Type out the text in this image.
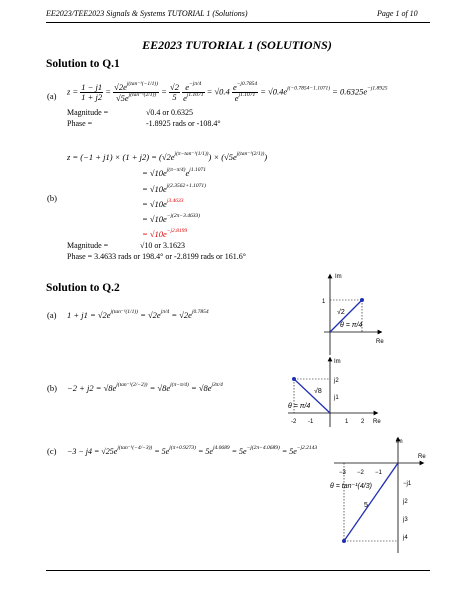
EE2023/TEE2023 Signals & Systems TUTORIAL 1 (Solutions)	Page 1 of 10
EE2023 TUTORIAL 1 (SOLUTIONS)
Solution to Q.1
(a) $z = \frac{1 - j1}{1 + j2} = \frac{√2e^{j(tan^{-1}(-1/1))}}{√5e^{j(tan^{-1}(2/1))}} = \frac{√2}{5}$
$\frac{e^{-j\pi/4}}{e^{j1.1071}} = √0.4 \frac{e^{-j0.7854}}{e^{j1.1071}} = √0.4e^{j(-0.7854-1.1071)} = 0.6325e^{-j1.8925}$
Magnitude =	√0.4 or 0.6325
Phase =	-1.8925 rads or -108.4°
$z = (-1 + j1) \times (1 + j2) = (√2e^{j(\pi-tan^{-1}(1/1))}) \times (√5e^{j(tan^{-1}(2/1))})$
= $√10e^{j(\pi-\pi/4)}e^{j1.1071}$
= $√10e^{j(2.3562+1.1071)}$
(b)
= $√10e^{j3.4633}$
= $√10e^{-j(2\pi-3.4633)}$
= $√10e^{-j2.8199}$
Magnitude =	√10 or 3.1623
Phase = 3.4633 rads or 198.4° or -2.8199 rads or 161.6°
Solution to Q.2
(a) $1 + j1 = √2e^{j(tan^{-1}(1/1))} = √2e^{j\pi/4} = √2e^{j0.7854}$
Im
Re
1
√2
θ = π/4
$(b) -2 + j2 = √8e^{j(tan^{-1}(2/-2))} = √8e^{j(\pi-\pi/4)} = √8e^{j3\pi/4}$
Im
Re
j2
j1
-2 -1	1 2
√8
θ = π/4
$(c) -3 - j4 = √25e^{j(tan^{-1}(-4/-3))} = 5e^{j(\pi+0.9273)} = 5e^{j4.0689} = 5e^{-j(2\pi-4.0689)} = 5e^{-j2.2143}$
Im
Re
−3 −2 −1
−j1
j2
j3
j4
θ = tan⁻¹(4/3)
5
